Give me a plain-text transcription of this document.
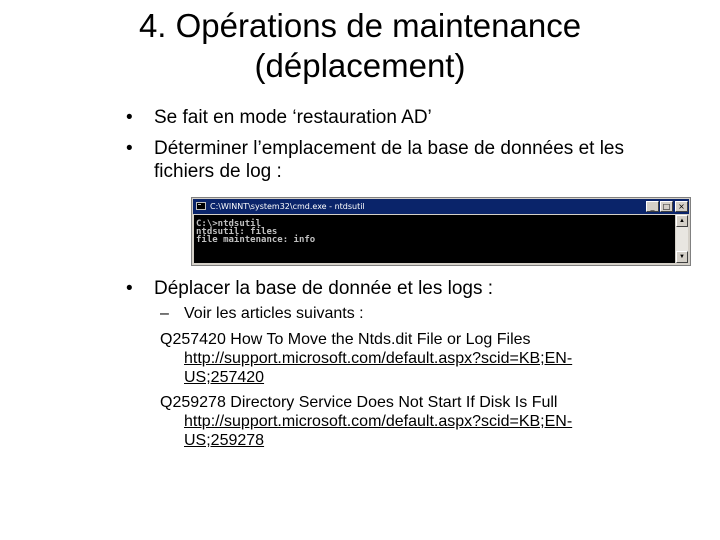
4. Opérations de maintenance
(déplacement)
• Se fait en mode ‘restauration AD’
• Déterminer l’emplacement de la base de données et les
fichiers de log :
• Déplacer la base de donnée et les logs :
C:\WINNT\system32\cmd.exe - ntdsutil	_	□ ×
C:\>ntdsutil
ntdsutil: files
file maintenance: info
▲
▼
– Voir les articles suivants :
Q257420 How To Move the Ntds.dit File or Log Files
http://support.microsoft.com/default.aspx?scid=KB;EN-
US;257420
Q259278 Directory Service Does Not Start If Disk Is Full
http://support.microsoft.com/default.aspx?scid=KB;EN-
US;259278
